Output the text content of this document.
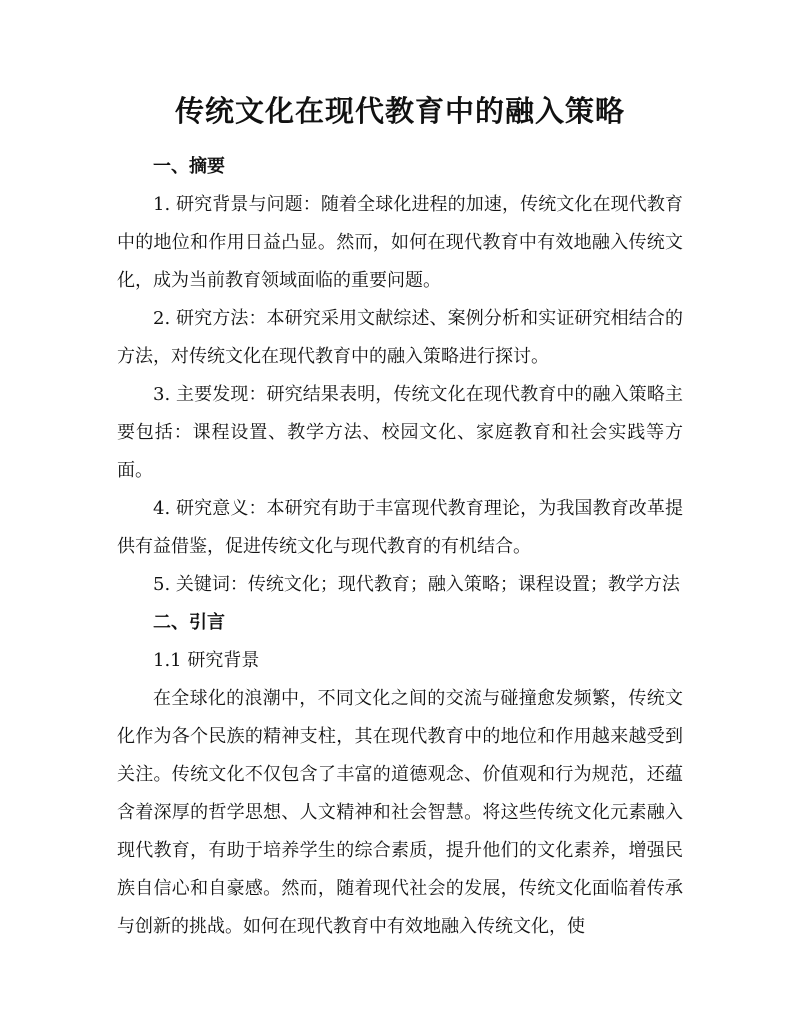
传统文化在现代教育中的融入策略

一、摘要

1. 研究背景与问题：随着全球化进程的加速，传统文化在现代教育中的地位和作用日益凸显。然而，如何在现代教育中有效地融入传统文化，成为当前教育领域面临的重要问题。

2. 研究方法：本研究采用文献综述、案例分析和实证研究相结合的方法，对传统文化在现代教育中的融入策略进行探讨。

3. 主要发现：研究结果表明，传统文化在现代教育中的融入策略主要包括：课程设置、教学方法、校园文化、家庭教育和社会实践等方面。

4. 研究意义：本研究有助于丰富现代教育理论，为我国教育改革提供有益借鉴，促进传统文化与现代教育的有机结合。

5. 关键词：传统文化；现代教育；融入策略；课程设置；教学方法

二、引言

1.1 研究背景

在全球化的浪潮中，不同文化之间的交流与碰撞愈发频繁，传统文化作为各个民族的精神支柱，其在现代教育中的地位和作用越来越受到关注。传统文化不仅包含了丰富的道德观念、价值观和行为规范，还蕴含着深厚的哲学思想、人文精神和社会智慧。将这些传统文化元素融入现代教育，有助于培养学生的综合素质，提升他们的文化素养，增强民族自信心和自豪感。然而，随着现代社会的发展，传统文化面临着传承与创新的挑战。如何在现代教育中有效地融入传统文化，使
